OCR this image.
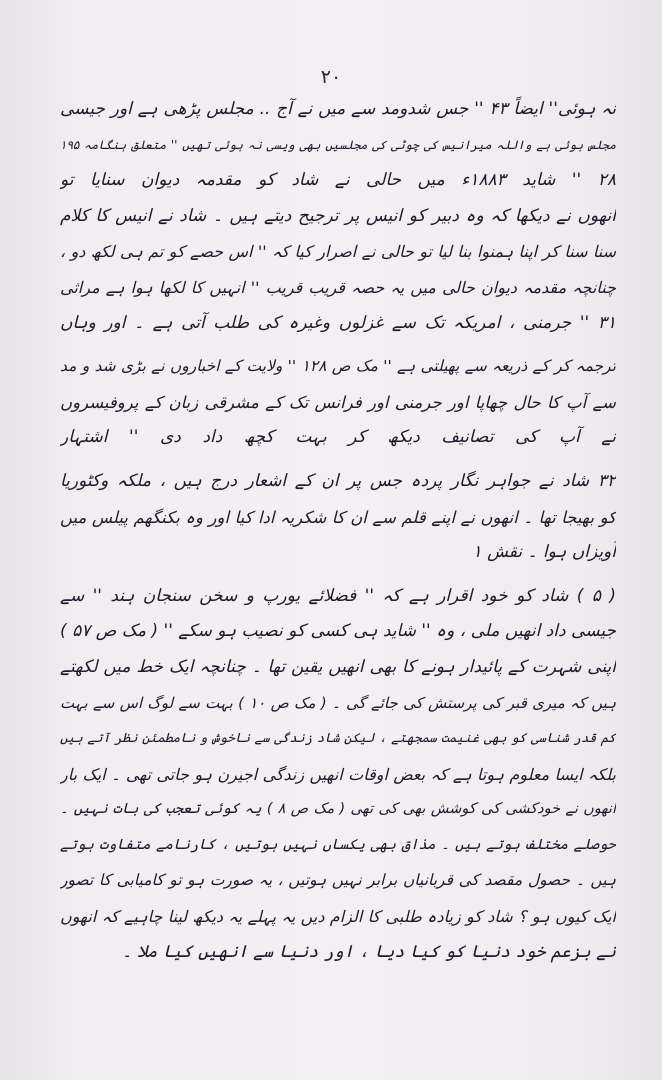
۲۰
نہ ہوئی'' ایضاً ۴۳ '' جس شدومد سے میں نے آج .. مجلس پڑھی ہے اور جیسی
مجلس ہوئی ہے واللہ میرانیس کی چوٹی کی مجلسیں بھی ویسی نہ ہوئی تھیں '' متعلق ہنگامہ ۱۹۵
۲۸ '' شاید ۱۸۸۳ء میں حالی نے شاد کو مقدمہ دیوان سنایا تو
انھوں نے دیکھا کہ وہ دبیر کو انیس پر ترجیح دیتے ہیں ۔ شاد نے انیس کا کلام
سنا سنا کر اپنا ہمنوا بنا لیا تو حالی نے اصرار کیا کہ '' اس حصے کو تم ہی لکھ دو ،
چنانچہ مقدمہ دیوان حالی میں یہ حصہ قریب قریب '' انہیں کا لکھا ہوا ہے مراثی
۳۱ '' جرمنی ، امریکہ تک سے غزلوں وغیرہ کی طلب آتی ہے ۔ اور وہاں
ترجمہ کر کے ذریعہ سے پھیلتی ہے '' مک ص ۱۲۸ '' ولایت کے اخباروں نے بڑی شد و مد
سے آپ کا حال چھاپا اور جرمنی اور فرانس تک کے مشرقی زبان کے پروفیسروں
نے آپ کی تصانیف دیکھ کر بہت کچھ داد دی '' اشتہار
۳۲ شاد نے جواہر نگار پردہ جس پر ان کے اشعار درج ہیں ، ملکہ وکٹوریا
کو بھیجا تھا ۔ انھوں نے اپنے قلم سے ان کا شکریہ ادا کیا اور وہ بکنگھم پیلس میں
آویزاں ہوا ۔ نقش ۱
( ۵ ) شاد کو خود اقرار ہے کہ '' فضلائے یورپ و سخن سنجان ہند '' سے
جیسی داد انھیں ملی ، وہ '' شاید ہی کسی کو نصیب ہو سکے '' ( مک ص ۵۷ )
اپنی شہرت کے پائیدار ہونے کا بھی انھیں یقین تھا ۔ چنانچہ ایک خط میں لکھتے
ہیں کہ میری قبر کی پرستش کی جائے گی ۔ ( مک ص ۱۰ ) بہت سے لوگ اس سے بہت
کم قدر شناسی کو بھی غنیمت سمجھتے ، لیکن شاد زندگی سے ناخوش و نامطمئن نظر آتے ہیں
بلکہ ایسا معلوم ہوتا ہے کہ بعض اوقات انھیں زندگی اجیرن ہو جاتی تھی ۔ ایک بار
انھوں نے خودکشی کی کوشش بھی کی تھی ( مک ص ۸ ) یہ کوئی تعجب کی بات نہیں ۔
حوصلے مختلف ہوتے ہیں ۔ مذاق بھی یکساں نہیں ہوتیں ، کارنامے متفاوت ہوتے
ہیں ۔ حصول مقصد کی قربانیاں برابر نہیں ہوتیں ، یہ صورت ہو تو کامیابی کا تصور
ایک کیوں ہو ؟ شاد کو زیادہ طلبی کا الزام دیں یہ پہلے یہ دیکھ لینا چاہیے کہ انھوں
نے بزعم خود دنیا کو کیا دیا ، اور دنیا سے انھیں کیا ملا ۔
